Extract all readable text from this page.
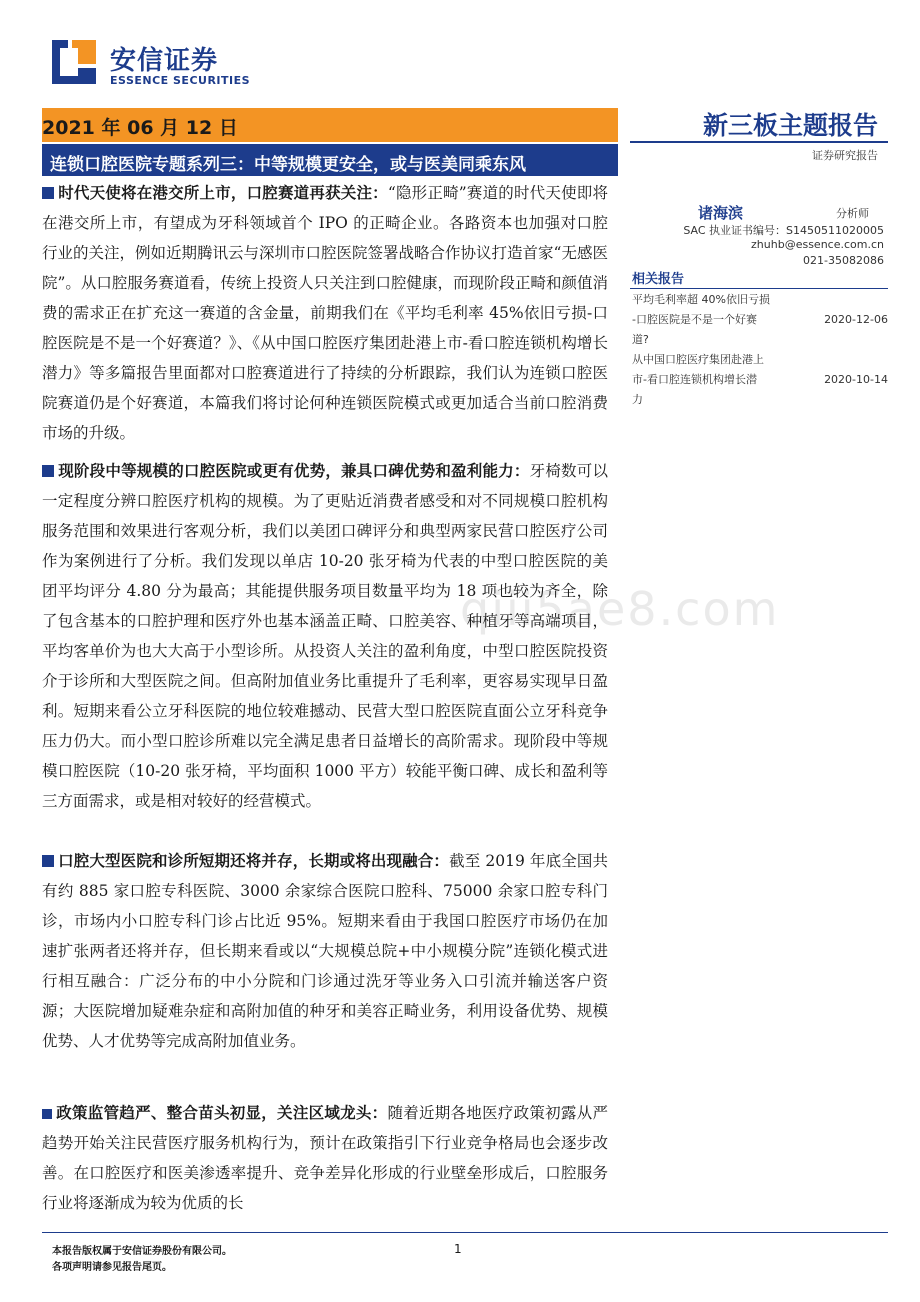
安信证券
ESSENCE SECURITIES
2021 年 06 月 12 日
连锁口腔医院专题系列三：中等规模更安全，或与医美同乘东风
新三板主题报告
证券研究报告
诸海滨	分析师
SAC 执业证书编号：S1450511020005
zhuhb@essence.com.cn
021-35082086
相关报告
平均毛利率超 40%依旧亏损
-口腔医院是不是一个好赛	2020-12-06
道?
从中国口腔医疗集团赴港上
市-看口腔连锁机构增长潜	2020-10-14
力
qiii5ae8.com
时代天使将在港交所上市，口腔赛道再获关注：“隐形正畸”赛道的时代天使即将在港交所上市，有望成为牙科领域首个 IPO 的正畸企业。各路资本也加强对口腔行业的关注，例如近期腾讯云与深圳市口腔医院签署战略合作协议打造首家“无感医院”。从口腔服务赛道看，传统上投资人只关注到口腔健康，而现阶段正畸和颜值消费的需求正在扩充这一赛道的含金量，前期我们在《平均毛利率 45%依旧亏损-口腔医院是不是一个好赛道？》、《从中国口腔医疗集团赴港上市-看口腔连锁机构增长潜力》等多篇报告里面都对口腔赛道进行了持续的分析跟踪，我们认为连锁口腔医院赛道仍是个好赛道，本篇我们将讨论何种连锁医院模式或更加适合当前口腔消费市场的升级。
现阶段中等规模的口腔医院或更有优势，兼具口碑优势和盈利能力：牙椅数可以一定程度分辨口腔医疗机构的规模。为了更贴近消费者感受和对不同规模口腔机构服务范围和效果进行客观分析，我们以美团口碑评分和典型两家民营口腔医疗公司作为案例进行了分析。我们发现以单店 10-20 张牙椅为代表的中型口腔医院的美团平均评分 4.80 分为最高；其能提供服务项目数量平均为 18 项也较为齐全，除了包含基本的口腔护理和医疗外也基本涵盖正畸、口腔美容、种植牙等高端项目，平均客单价为也大大高于小型诊所。从投资人关注的盈利角度，中型口腔医院投资介于诊所和大型医院之间。但高附加值业务比重提升了毛利率，更容易实现早日盈利。短期来看公立牙科医院的地位较难撼动、民营大型口腔医院直面公立牙科竞争压力仍大。而小型口腔诊所难以完全满足患者日益增长的高阶需求。现阶段中等规模口腔医院（10-20 张牙椅，平均面积 1000 平方）较能平衡口碑、成长和盈利等三方面需求，或是相对较好的经营模式。
口腔大型医院和诊所短期还将并存，长期或将出现融合：截至 2019 年底全国共有约 885 家口腔专科医院、3000 余家综合医院口腔科、75000 余家口腔专科门诊，市场内小口腔专科门诊占比近 95%。短期来看由于我国口腔医疗市场仍在加速扩张两者还将并存，但长期来看或以“大规模总院+中小规模分院”连锁化模式进行相互融合：广泛分布的中小分院和门诊通过洗牙等业务入口引流并输送客户资源；大医院增加疑难杂症和高附加值的种牙和美容正畸业务，利用设备优势、规模优势、人才优势等完成高附加值业务。
政策监管趋严、整合苗头初显，关注区域龙头：随着近期各地医疗政策初露从严趋势开始关注民营医疗服务机构行为，预计在政策指引下行业竞争格局也会逐步改善。在口腔医疗和医美渗透率提升、竞争差异化形成的行业壁垒形成后，口腔服务行业将逐渐成为较为优质的长
本报告版权属于安信证券股份有限公司。
各项声明请参见报告尾页。
1
